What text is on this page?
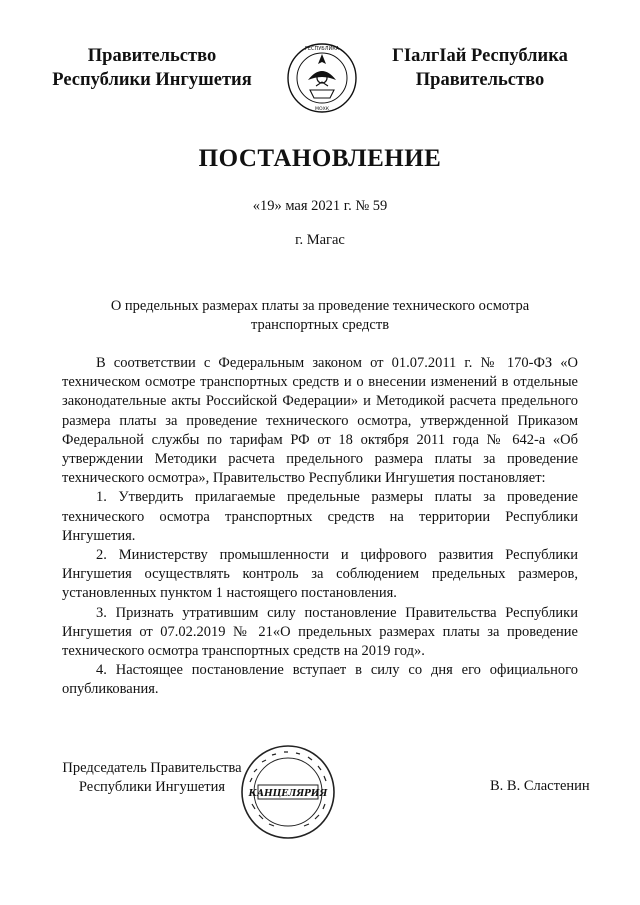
Правительство
Республики Ингушетия
РЕСПУБЛИКА
МОХК
ГIалгIай Республика
Правительство
ПОСТАНОВЛЕНИЕ
«19» мая 2021 г. № 59
г. Магас
О предельных размерах платы за проведение технического осмотра
транспортных средств

В соответствии с Федеральным законом от 01.07.2011 г. № 170-ФЗ «О техническом осмотре транспортных средств и о внесении изменений в отдельные законодательные акты Российской Федерации» и Методикой расчета предельного размера платы за проведение технического осмотра, утвержденной Приказом Федеральной службы по тарифам РФ от 18 октября 2011 года № 642-а «Об утверждении Методики расчета предельного размера платы за проведение технического осмотра», Правительство Республики Ингушетия постановляет:

1. Утвердить прилагаемые предельные размеры платы за проведение технического осмотра транспортных средств на территории Республики Ингушетия.

2. Министерству промышленности и цифрового развития Республики Ингушетия осуществлять контроль за соблюдением предельных размеров, установленных пунктом 1 настоящего постановления.

3. Признать утратившим силу постановление Правительства Республики Ингушетия от 07.02.2019 № 21«О предельных размерах платы за проведение технического осмотра транспортных средств на 2019 год».

4. Настоящее постановление вступает в силу со дня его официального опубликования.

Председатель Правительства
Республики Ингушетия	КАНЦЕЛЯРИЯ	В. В. Сластенин
